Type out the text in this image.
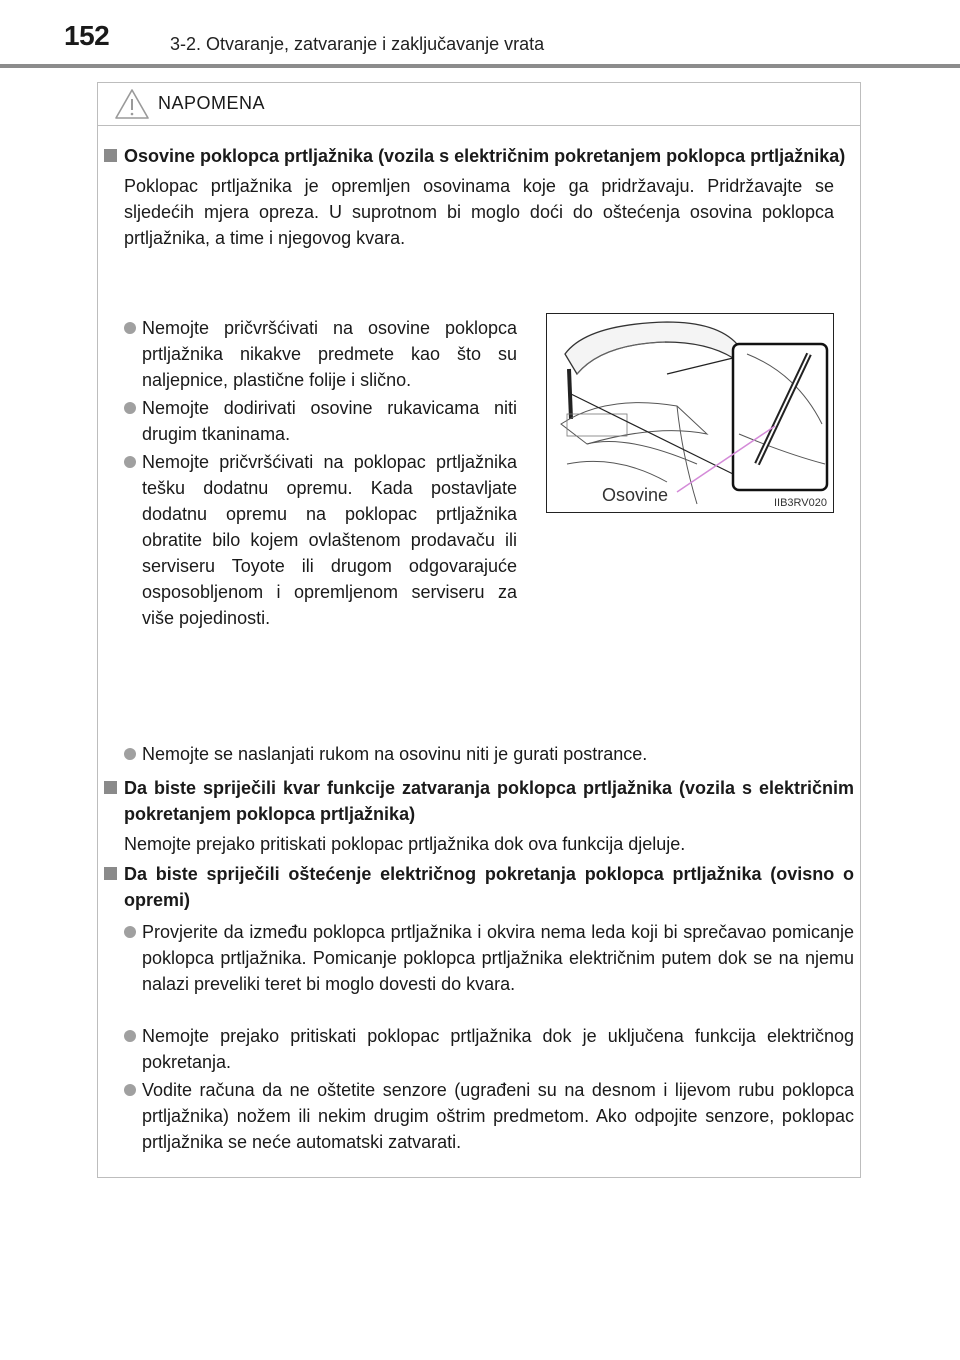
152	3-2. Otvaranje, zatvaranje i zaključavanje vrata
NAPOMENA
Osovine poklopca prtljažnika (vozila s električnim pokretanjem poklopca prtljažnika)
Poklopac prtljažnika je opremljen osovinama koje ga pridržavaju. Pridržavajte se sljedećih mjera opreza. U suprotnom bi moglo doći do oštećenja osovina poklopca prtljažnika, a time i njegovog kvara.
Nemojte pričvršćivati na osovine poklopca prtljažnika nikakve predmete kao što su naljepnice, plastične folije i slično.
Nemojte dodirivati osovine rukavicama niti drugim tkaninama.
Nemojte pričvršćivati na poklopac prtljažnika tešku dodatnu opremu. Kada postavljate dodatnu opremu na poklopac prtljažnika obratite bilo kojem ovlaštenom prodavaču ili serviseru Toyote ili drugom odgovarajuće osposobljenom i opremljenom serviseru za više pojedinosti.
Nemojte se naslanjati rukom na osovinu niti je gurati postrance.
Da biste spriječili kvar funkcije zatvaranja poklopca prtljažnika (vozila s električnim pokretanjem poklopca prtljažnika)
Nemojte prejako pritiskati poklopac prtljažnika dok ova funkcija djeluje.
Da biste spriječili oštećenje električnog pokretanja poklopca prtljažnika (ovisno o opremi)
Provjerite da između poklopca prtljažnika i okvira nema leda koji bi sprečavao pomicanje poklopca prtljažnika. Pomicanje poklopca prtljažnika električnim putem dok se na njemu nalazi preveliki teret bi moglo dovesti do kvara.
Nemojte prejako pritiskati poklopac prtljažnika dok je uključena funkcija električnog pokretanja.
Vodite računa da ne oštetite senzore (ugrađeni su na desnom i lijevom rubu poklopca prtljažnika) nožem ili nekim drugim oštrim predmetom. Ako odpojite senzore, poklopac prtljažnika se neće automatski zatvarati.
Osovine	IIB3RV020
